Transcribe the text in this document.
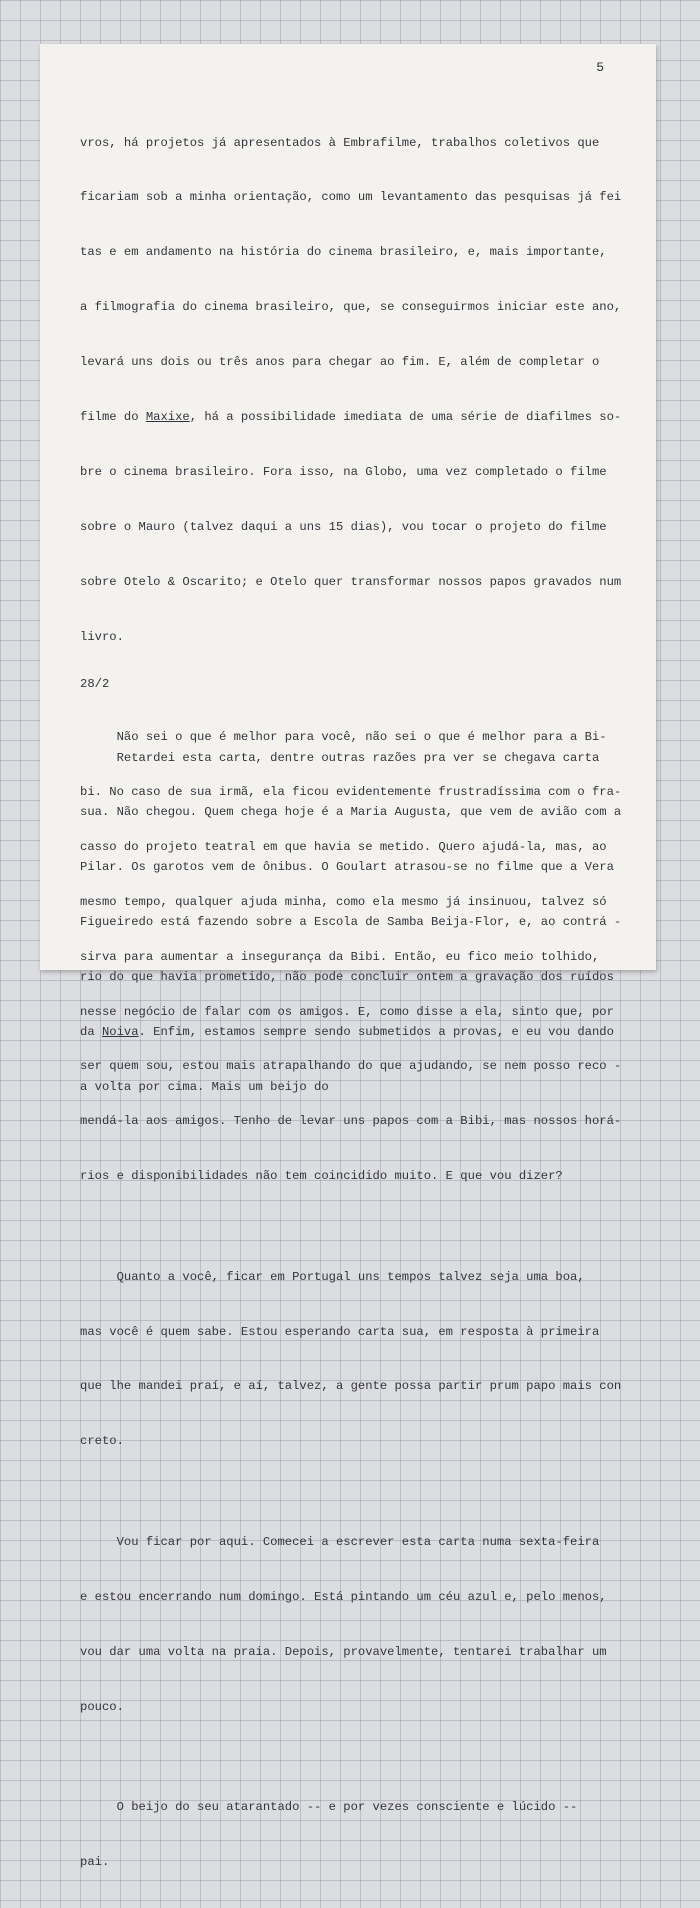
5

vros, há projetos já apresentados à Embrafilme, trabalhos coletivos que

ficariam sob a minha orientação, como um levantamento das pesquisas já fei

tas e em andamento na história do cinema brasileiro, e, mais importante,

a filmografia do cinema brasileiro, que, se conseguirmos iniciar este ano,

levará uns dois ou três anos para chegar ao fim. E, além de completar o

filme do Maxixe, há a possibilidade imediata de uma série de diafilmes so-

bre o cinema brasileiro. Fora isso, na Globo, uma vez completado o filme

sobre o Mauro (talvez daqui a uns 15 dias), vou tocar o projeto do filme

sobre Otelo & Oscarito; e Otelo quer transformar nossos papos gravados num

livro.

Não sei o que é melhor para você, não sei o que é melhor para a Bi-

bi. No caso de sua irmã, ela ficou evidentemente frustradíssima com o fra-

casso do projeto teatral em que havia se metido. Quero ajudá-la, mas, ao

mesmo tempo, qualquer ajuda minha, como ela mesmo já insinuou, talvez só

sirva para aumentar a insegurança da Bibi. Então, eu fico meio tolhido,

nesse negócio de falar com os amigos. E, como disse a ela, sinto que, por

ser quem sou, estou mais atrapalhando do que ajudando, se nem posso reco -

mendá-la aos amigos. Tenho de levar uns papos com a Bibi, mas nossos horá-

rios e disponibilidades não tem coincidido muito. E que vou dizer?

Quanto a você, ficar em Portugal uns tempos talvez seja uma boa,

mas você é quem sabe. Estou esperando carta sua, em resposta à primeira

que lhe mandei praí, e aí, talvez, a gente possa partir prum papo mais con

creto.

Vou ficar por aqui. Comecei a escrever esta carta numa sexta-feira

e estou encerrando num domingo. Está pintando um céu azul e, pelo menos,

vou dar uma volta na praia. Depois, provavelmente, tentarei trabalhar um

pouco.

O beijo do seu atarantado -- e por vezes consciente e lúcido --

pai.

28/2

Retardei esta carta, dentre outras razões pra ver se chegava carta

sua. Não chegou. Quem chega hoje é a Maria Augusta, que vem de avião com a

Pilar. Os garotos vem de ônibus. O Goulart atrasou-se no filme que a Vera

Figueiredo está fazendo sobre a Escola de Samba Beija-Flor, e, ao contrá -

rio do que havia prometido, não pode concluir ontem a gravação dos ruídos

da Noiva. Enfim, estamos sempre sendo submetidos a provas, e eu vou dando

a volta por cima. Mais um beijo do
